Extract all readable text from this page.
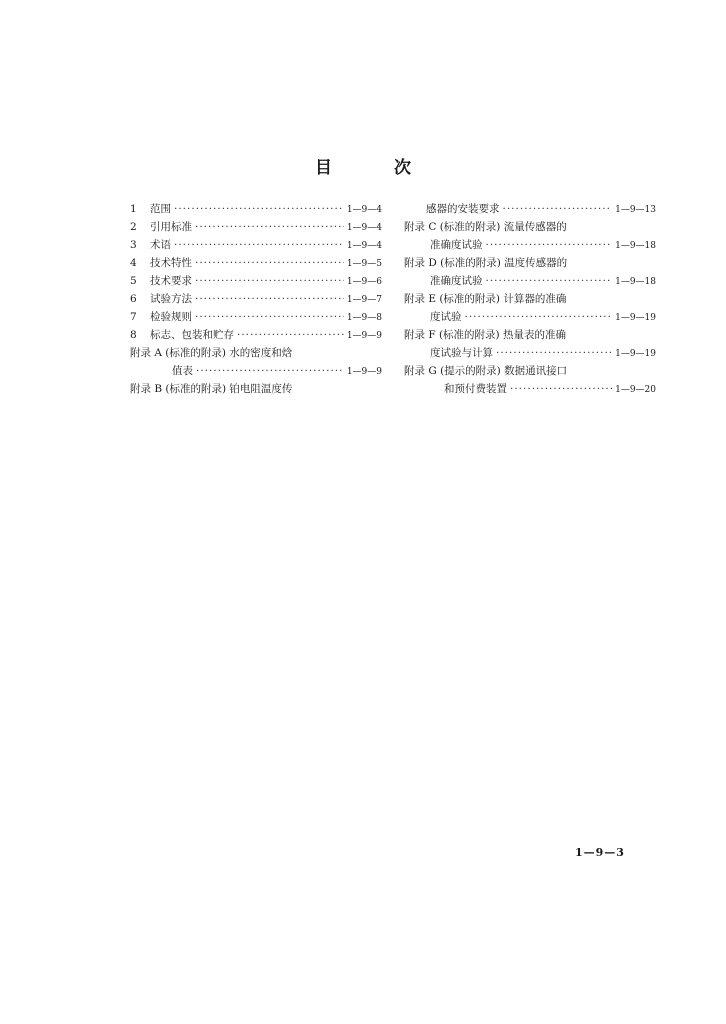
目	次
1	范围 ·····	1—9—4
2	引用标准 ·····	1—9—4
3	术语 ·····	1—9—4
4	技术特性 ·····	1—9—5
5	技术要求 ·····	1—9—6
6	试验方法 ·····	1—9—7
7	检验规则 ·····	1—9—8
8	标志、包装和贮存 ·····	1—9—9
附录 A (标准的附录) 水的密度和焓
值表 ·····	1—9—9
附录 B (标准的附录) 铂电阻温度传
感器的安装要求 ·····	1—9—13
附录 C (标准的附录) 流量传感器的
准确度试验 ·····	1—9—18
附录 D (标准的附录) 温度传感器的
准确度试验 ·····	1—9—18
附录 E (标准的附录) 计算器的准确
度试验 ·····	1—9—19
附录 F (标准的附录) 热量表的准确
度试验与计算 ·····	1—9—19
附录 G (提示的附录) 数据通讯接口
和预付费装置 ·····	1—9—20
1—9—3
